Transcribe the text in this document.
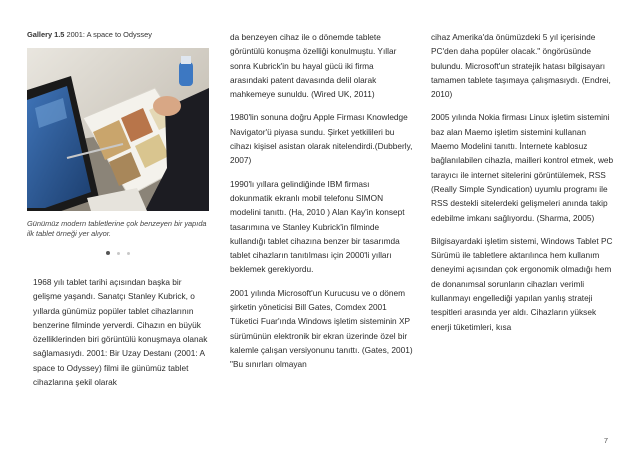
Gallery 1.5 2001: A space to Odyssey
Günümüz modern tabletlerine çok benzeyen bir yapıda ilk tablet örneği yer alıyor.

1968 yılı tablet tarihi açısından başka bir gelişme yaşandı. Sanatçı Stanley Kubrick, o yıllarda günümüz popüler tablet cihazlarının benzerine filminde yerverdi. Cihazın en büyük özelliklerinden biri görüntülü konuşmaya olanak sağlamasıydı. 2001: Bir Uzay Destanı (2001: A space to Odyssey) filmi ile günümüz tablet cihazlarına şekil olarak

da benzeyen cihaz ile o dönemde tablete görüntülü konuşma özelliği konulmuştu. Yıllar sonra Kubrick'in bu hayal gücü iki firma arasındaki patent davasında delil olarak mahkemeye sunuldu. (Wired UK, 2011)

1980'lin sonuna doğru Apple Firması Knowledge Navigator'ü piyasa sundu. Şirket yetkilileri bu cihazı kişisel asistan olarak nitelendirdi.(Dubberly, 2007)

1990'lı yıllara gelindiğinde IBM firması dokunmatik ekranlı mobil telefonu SIMON modelini tanıttı. (Ha, 2010 ) Alan Kay'in konsept tasarımına ve Stanley Kubrick'in filminde kullandığı tablet cihazına benzer bir tasarımda tablet cihazların tanıtılması için 2000'li yılları beklemek gerekiyordu.

2001 yılında Microsoft'un Kurucusu ve o dönem şirketin yöneticisi Bill Gates, Comdex 2001 Tüketici Fuar'ında Windows işletim sisteminin XP sürümünün elektronik bir ekran üzerinde özel bir kalemle çalışan versiyonunu tanıttı. (Gates, 2001) "Bu sınırları olmayan

cihaz Amerika'da önümüzdeki 5 yıl içerisinde PC'den daha popüler olacak." öngörüsünde bulundu. Microsoft'un stratejik hatası bilgisayarı tamamen tablete taşımaya çalışmasıydı. (Endrei, 2010)

2005 yılında Nokia firması Linux işletim sistemini baz alan Maemo işletim sistemini kullanan Maemo Modelini tanıttı. İnternete kablosuz bağlanılabilen cihazla, mailleri kontrol etmek, web tarayıcı ile internet sitelerini görüntülemek, RSS (Really Simple Syndication) uyumlu programı ile RSS destekli sitelerdeki gelişmeleri anında takip edebilme imkanı sağlıyordu. (Sharma, 2005)

Bilgisayardaki işletim sistemi, Windows Tablet PC Sürümü ile tabletlere aktarılınca hem kullanım deneyimi açısından çok ergonomik olmadığı hem de donanımsal sorunların cihazları verimli kullanmayı engellediği yapılan yanlış strateji tespitleri arasında yer aldı. Cihazların yüksek enerji tüketimleri, kısa

7
